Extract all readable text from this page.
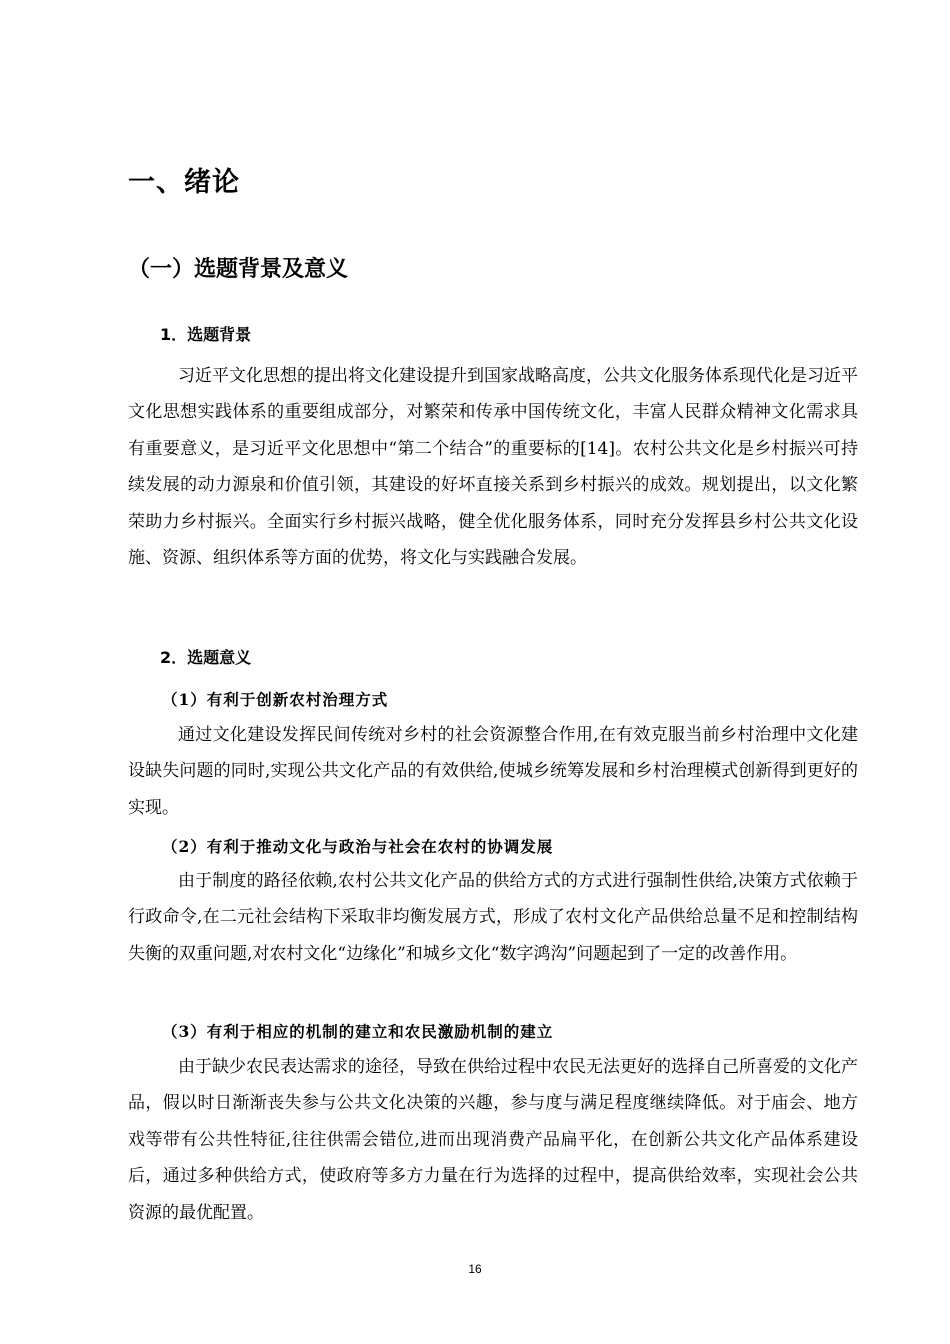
一、绪论
（一）选题背景及意义
1．选题背景

习近平文化思想的提出将文化建设提升到国家战略高度，公共文化服务体系现代化是习近平文化思想实践体系的重要组成部分，对繁荣和传承中国传统文化，丰富人民群众精神文化需求具有重要意义，是习近平文化思想中“第二个结合”的重要标的[14]。农村公共文化是乡村振兴可持续发展的动力源泉和价值引领，其建设的好坏直接关系到乡村振兴的成效。规划提出，以文化繁荣助力乡村振兴。全面实行乡村振兴战略，健全优化服务体系，同时充分发挥县乡村公共文化设施、资源、组织体系等方面的优势，将文化与实践融合发展。

2．选题意义
（1）有利于创新农村治理方式

通过文化建设发挥民间传统对乡村的社会资源整合作用,在有效克服当前乡村治理中文化建设缺失问题的同时,实现公共文化产品的有效供给,使城乡统筹发展和乡村治理模式创新得到更好的实现。

（2）有利于推动文化与政治与社会在农村的协调发展

由于制度的路径依赖,农村公共文化产品的供给方式的方式进行强制性供给,决策方式依赖于行政命令,在二元社会结构下采取非均衡发展方式，形成了农村文化产品供给总量不足和控制结构失衡的双重问题,对农村文化“边缘化”和城乡文化“数字鸿沟”问题起到了一定的改善作用。

（3）有利于相应的机制的建立和农民激励机制的建立

由于缺少农民表达需求的途径，导致在供给过程中农民无法更好的选择自己所喜爱的文化产品，假以时日渐渐丧失参与公共文化决策的兴趣，参与度与满足程度继续降低。对于庙会、地方戏等带有公共性特征,往往供需会错位,进而出现消费产品扁平化，在创新公共文化产品体系建设后，通过多种供给方式，使政府等多方力量在行为选择的过程中，提高供给效率，实现社会公共资源的最优配置。

16
